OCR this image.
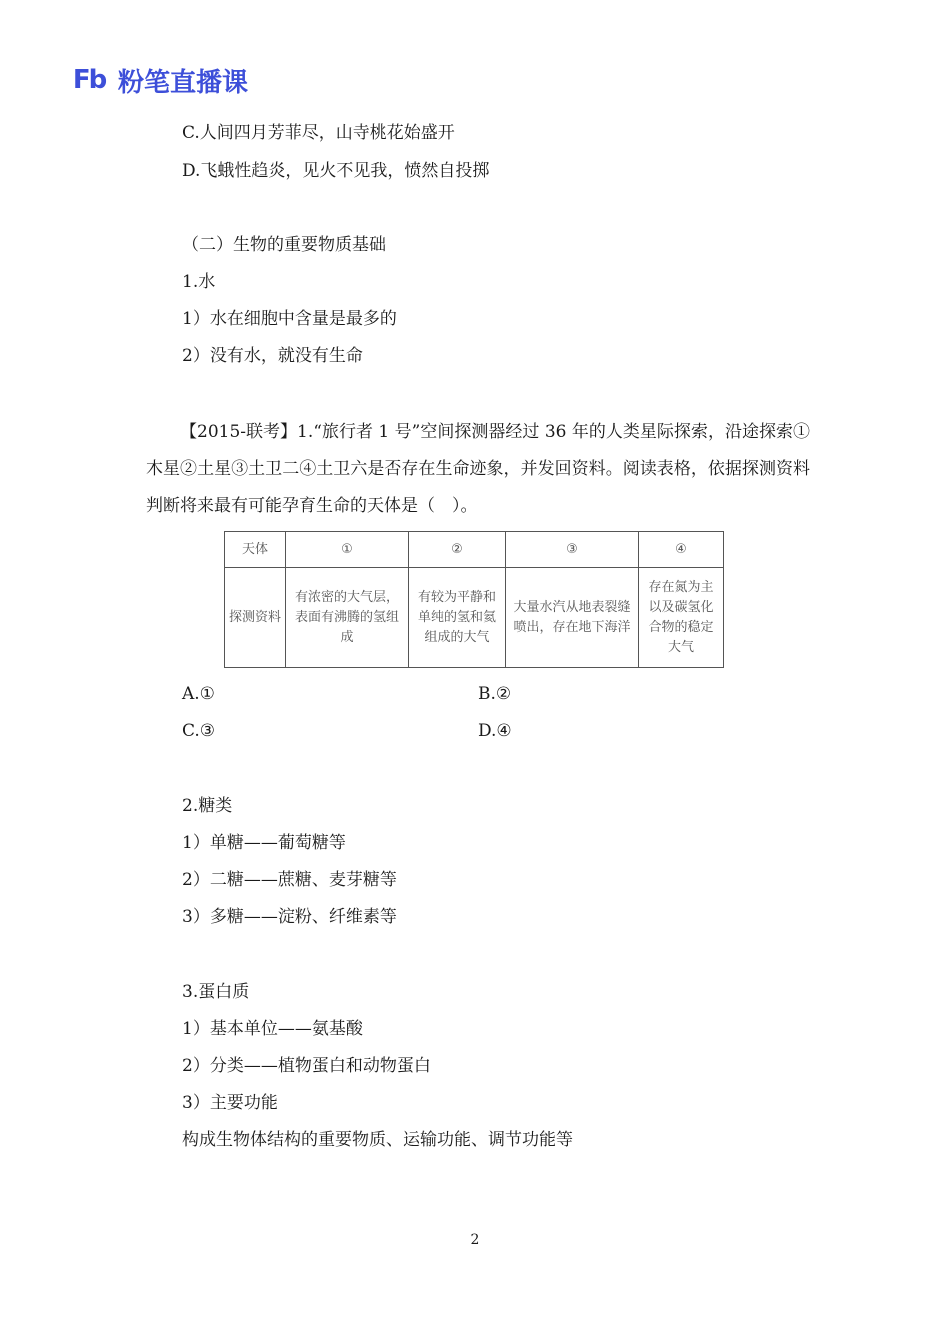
Fb 粉笔直播课
C.人间四月芳菲尽，山寺桃花始盛开
D.飞蛾性趋炎，见火不见我，愤然自投掷
（二）生物的重要物质基础
1.水
1）水在细胞中含量是最多的
2）没有水，就没有生命
【2015-联考】1.“旅行者 1 号”空间探测器经过 36 年的人类星际探索，沿途探索①木星②土星③土卫二④土卫六是否存在生命迹象，并发回资料。阅读表格，依据探测资料判断将来最有可能孕育生命的天体是（　）。
天体	①	②	③	④
探测资料	有浓密的大气层，表面有沸腾的氢组成	有较为平静和单纯的氢和氦组成的大气	大量水汽从地表裂缝喷出，存在地下海洋	存在氮为主以及碳氢化合物的稳定大气
A.①	B.②
C.③	D.④
2.糖类
1）单糖——葡萄糖等
2）二糖——蔗糖、麦芽糖等
3）多糖——淀粉、纤维素等
3.蛋白质
1）基本单位——氨基酸
2）分类——植物蛋白和动物蛋白
3）主要功能
构成生物体结构的重要物质、运输功能、调节功能等
2
